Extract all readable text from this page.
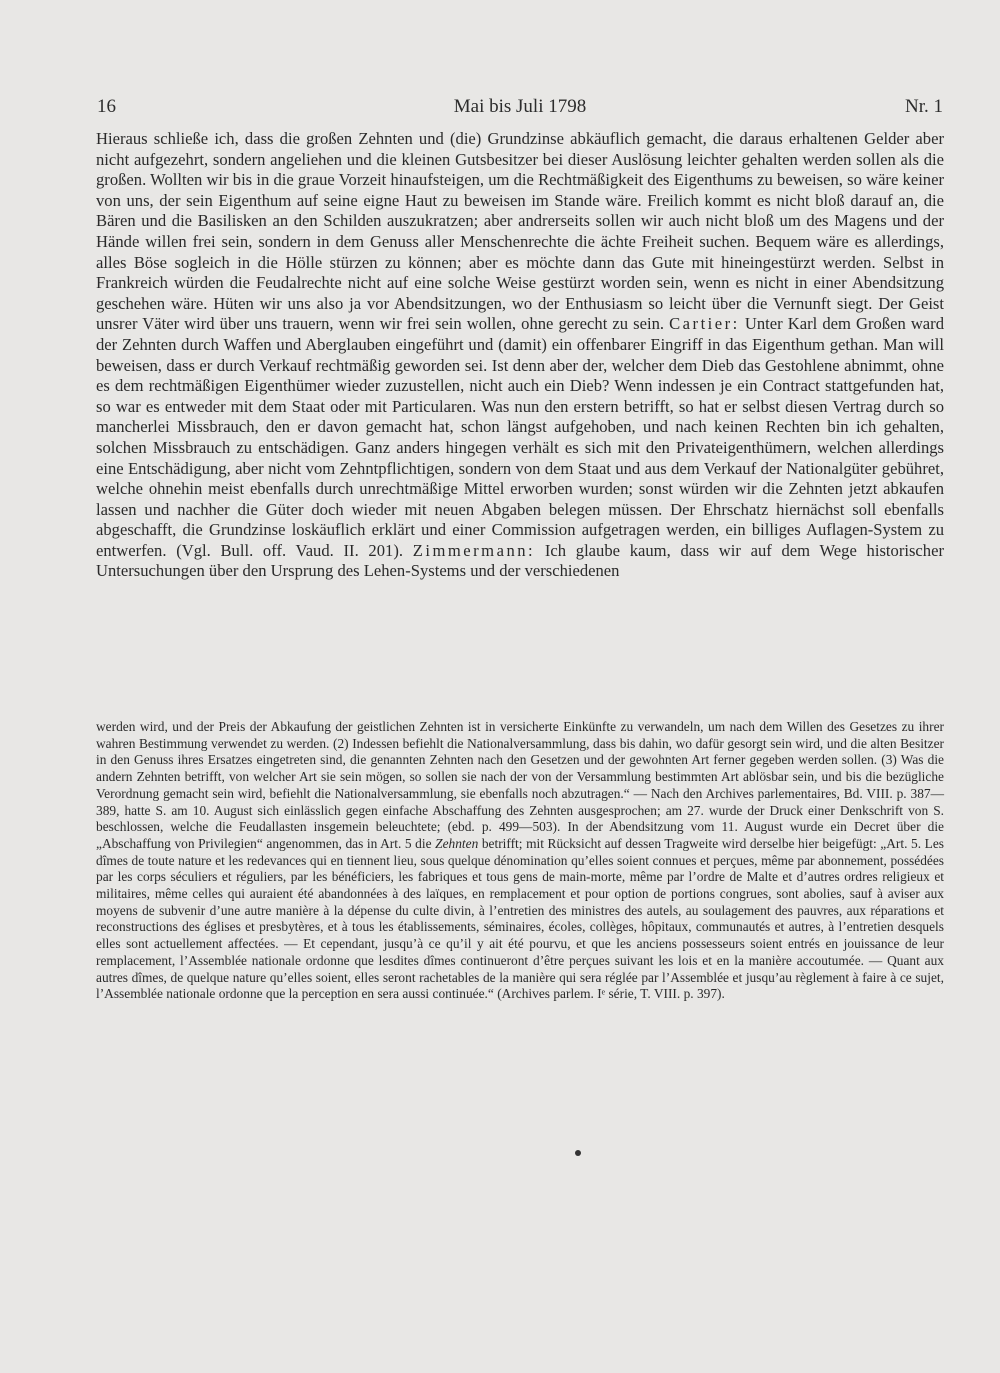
16	Mai bis Juli 1798	Nr. 1

Hieraus schließe ich, dass die großen Zehnten und (die) Grundzinse abkäuflich gemacht, die daraus erhaltenen Gelder aber nicht aufgezehrt, sondern angeliehen und die kleinen Gutsbesitzer bei dieser Auslösung leichter gehalten werden sollen als die großen. Wollten wir bis in die graue Vorzeit hinaufsteigen, um die Rechtmäßigkeit des Eigenthums zu beweisen, so wäre keiner von uns, der sein Eigenthum auf seine eigne Haut zu beweisen im Stande wäre. Freilich kommt es nicht bloß darauf an, die Bären und die Basilisken an den Schilden auszukratzen; aber andrerseits sollen wir auch nicht bloß um des Magens und der Hände willen frei sein, sondern in dem Genuss aller Menschenrechte die ächte Freiheit suchen. Bequem wäre es allerdings, alles Böse sogleich in die Hölle stürzen zu können; aber es möchte dann das Gute mit hineingestürzt werden. Selbst in Frankreich würden die Feudalrechte nicht auf eine solche Weise gestürzt worden sein, wenn es nicht in einer Abendsitzung geschehen wäre. Hüten wir uns also ja vor Abendsitzungen, wo der Enthusiasm so leicht über die Vernunft siegt. Der Geist unsrer Väter wird über uns trauern, wenn wir frei sein wollen, ohne gerecht zu sein. Cartier: Unter Karl dem Großen ward der Zehnten durch Waffen und Aberglauben eingeführt und (damit) ein offenbarer Eingriff in das Eigenthum gethan. Man will beweisen, dass er durch Verkauf rechtmäßig geworden sei. Ist denn aber der, welcher dem Dieb das Gestohlene abnimmt, ohne es dem rechtmäßigen Eigenthümer wieder zuzustellen, nicht auch ein Dieb? Wenn indessen je ein Contract stattgefunden hat, so war es entweder mit dem Staat oder mit Particularen. Was nun den erstern betrifft, so hat er selbst diesen Vertrag durch so mancherlei Missbrauch, den er davon gemacht hat, schon längst aufgehoben, und nach keinen Rechten bin ich gehalten, solchen Missbrauch zu entschädigen. Ganz anders hingegen verhält es sich mit den Privateigenthümern, welchen allerdings eine Entschädigung, aber nicht vom Zehntpflichtigen, sondern von dem Staat und aus dem Verkauf der Nationalgüter gebühret, welche ohnehin meist ebenfalls durch unrechtmäßige Mittel erworben wurden; sonst würden wir die Zehnten jetzt abkaufen lassen und nachher die Güter doch wieder mit neuen Abgaben belegen müssen. Der Ehrschatz hiernächst soll ebenfalls abgeschafft, die Grundzinse loskäuflich erklärt und einer Commission aufgetragen werden, ein billiges Auflagen-System zu entwerfen. (Vgl. Bull. off. Vaud. II. 201). Zimmermann: Ich glaube kaum, dass wir auf dem Wege historischer Untersuchungen über den Ursprung des Lehen-Systems und der verschiedenen

werden wird, und der Preis der Abkaufung der geistlichen Zehnten ist in versicherte Einkünfte zu verwandeln, um nach dem Willen des Gesetzes zu ihrer wahren Bestimmung verwendet zu werden. (2) Indessen befiehlt die Nationalversammlung, dass bis dahin, wo dafür gesorgt sein wird, und die alten Besitzer in den Genuss ihres Ersatzes eingetreten sind, die genannten Zehnten nach den Gesetzen und der gewohnten Art ferner gegeben werden sollen. (3) Was die andern Zehnten betrifft, von welcher Art sie sein mögen, so sollen sie nach der von der Versammlung bestimmten Art ablösbar sein, und bis die bezügliche Verordnung gemacht sein wird, befiehlt die Nationalversammlung, sie ebenfalls noch abzutragen.“ — Nach den Archives parlementaires, Bd. VIII. p. 387—389, hatte S. am 10. August sich einlässlich gegen einfache Abschaffung des Zehnten ausgesprochen; am 27. wurde der Druck einer Denkschrift von S. beschlossen, welche die Feudallasten insgemein beleuchtete; (ebd. p. 499—503). In der Abendsitzung vom 11. August wurde ein Decret über die „Abschaffung von Privilegien“ angenommen, das in Art. 5 die Zehnten betrifft; mit Rücksicht auf dessen Tragweite wird derselbe hier beigefügt: „Art. 5. Les dîmes de toute nature et les redevances qui en tiennent lieu, sous quelque dénomination qu’elles soient connues et perçues, même par abonnement, possédées par les corps séculiers et réguliers, par les bénéficiers, les fabriques et tous gens de main-morte, même par l’ordre de Malte et d’autres ordres religieux et militaires, même celles qui auraient été abandonnées à des laïques, en remplacement et pour option de portions congrues, sont abolies, sauf à aviser aux moyens de subvenir d’une autre manière à la dépense du culte divin, à l’entretien des ministres des autels, au soulagement des pauvres, aux réparations et reconstructions des églises et presbytères, et à tous les établissements, séminaires, écoles, collèges, hôpitaux, communautés et autres, à l’entretien desquels elles sont actuellement affectées. — Et cependant, jusqu’à ce qu’il y ait été pourvu, et que les anciens possesseurs soient entrés en jouissance de leur remplacement, l’Assemblée nationale ordonne que lesdites dîmes continueront d’être perçues suivant les lois et en la manière accoutumée. — Quant aux autres dîmes, de quelque nature qu’elles soient, elles seront rachetables de la manière qui sera réglée par l’Assemblée et jusqu’au règlement à faire à ce sujet, l’Assemblée nationale ordonne que la perception en sera aussi continuée.“ (Archives parlem. Iᵉ série, T. VIII. p. 397).
